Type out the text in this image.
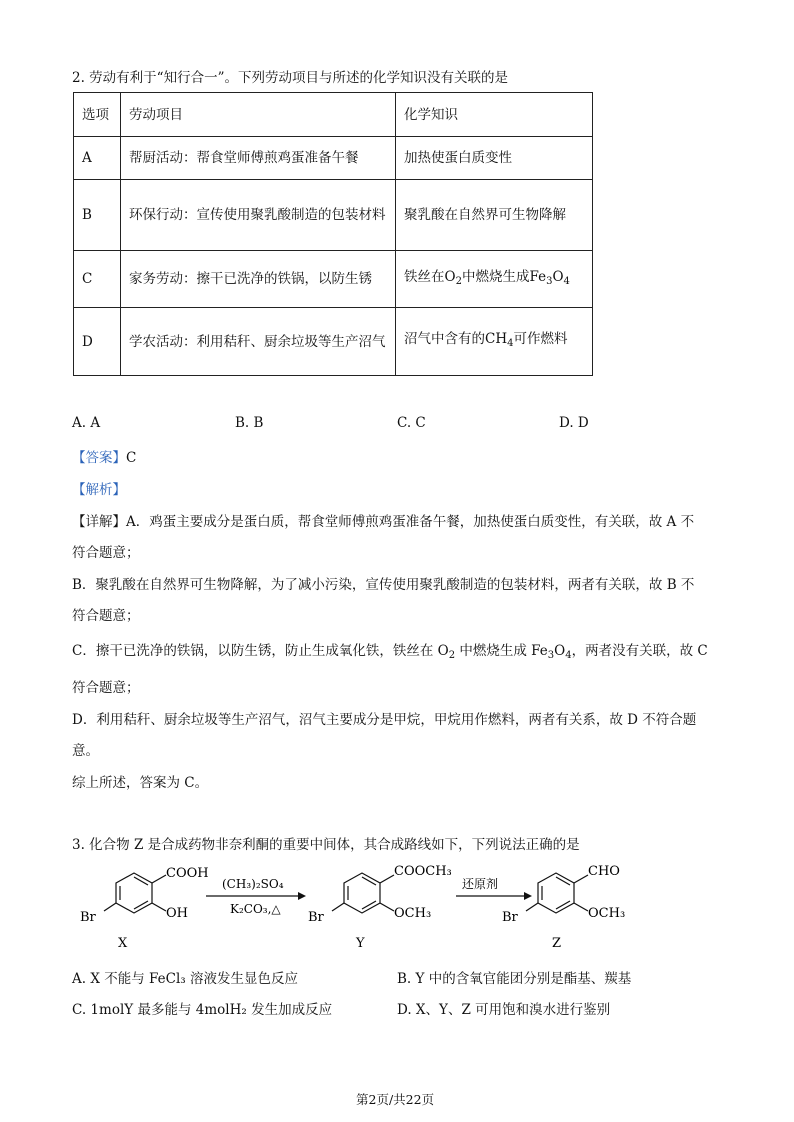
2. 劳动有利于“知行合一”。下列劳动项目与所述的化学知识没有关联的是
选项	劳动项目	化学知识
A	帮厨活动：帮食堂师傅煎鸡蛋准备午餐	加热使蛋白质变性
B	环保行动：宣传使用聚乳酸制造的包装材料	聚乳酸在自然界可生物降解
C	家务劳动：擦干已洗净的铁锅，以防生锈	铁丝在$O_2$中燃烧生成$Fe_3O_4$
D	学农活动：利用秸秆、厨余垃圾等生产沼气	沼气中含有的$CH_4$可作燃料
A. A	B. B	C. C	D. D
【答案】C
【解析】
【详解】A．鸡蛋主要成分是蛋白质，帮食堂师傅煎鸡蛋准备午餐，加热使蛋白质变性，有关联，故 A 不
符合题意；
B．聚乳酸在自然界可生物降解，为了减小污染，宣传使用聚乳酸制造的包装材料，两者有关联，故 B 不
符合题意；
C．擦干已洗净的铁锅，以防生锈，防止生成氧化铁，铁丝在 $O_2$ 中燃烧生成 $Fe_3O_4$，两者没有关联，故 C
符合题意；
D．利用秸秆、厨余垃圾等生产沼气，沼气主要成分是甲烷，甲烷用作燃料，两者有关系，故 D 不符合题
意。
综上所述，答案为 C。
3. 化合物 Z 是合成药物非奈利酮的重要中间体，其合成路线如下，下列说法正确的是
COOH
OH
Br
X
(CH₃)₂SO₄
K₂CO₃,△
COOCH₃
OCH₃
Br
Y
还原剂
CHO
OCH₃
Br
Z
A. X 不能与 FeCl₃ 溶液发生显色反应	B. Y 中的含氧官能团分别是酯基、羰基
C. 1molY 最多能与 4molH₂ 发生加成反应	D. X、Y、Z 可用饱和溴水进行鉴别
第2页/共22页
